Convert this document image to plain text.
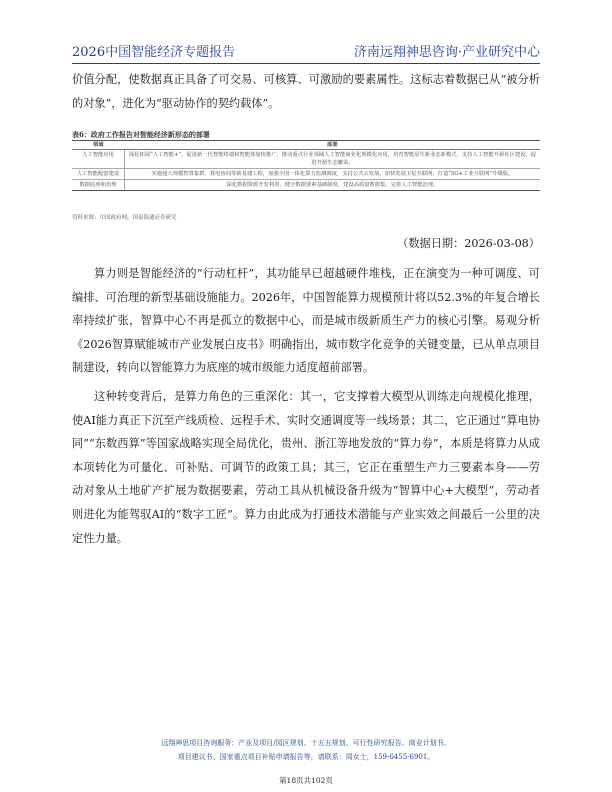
2026中国智能经济专题报告	济南远翔神思咨询·产业研究中心

价值分配，使数据真正具备了可交易、可核算、可激励的要素属性。这标志着数据已从“被分析的对象”，进化为“驱动协作的契约载体”。

表6：政府工作报告对智能经济新形态的部署
领域	部署
人工智能应用	深化拓展“人工智能+”，促进新一代智能终端和智能体加快推广，推动重点行业领域人工智能商业化规模化应用，培育智能原生新业态新模式，支持人工智能开源社区建设，促进开源生态繁荣。
人工智能配套建设	实施超大规模智算集群、算电协同等新基建工程，加强全国一体化算力监测调度，支持公共云发展，加快发展卫星互联网，打造“5G+工业互联网”升级版。
数据底座和治理	深化数据资源开发利用，健全数据要素基础制度，建设高质量数据集，完善人工智能治理。
资料来源：中国政府网，国泰海通证券研究
（数据日期：2026-03-08）

算力则是智能经济的“行动杠杆”，其功能早已超越硬件堆栈，正在演变为一种可调度、可编排、可治理的新型基础设施能力。2026年，中国智能算力规模预计将以52.3%的年复合增长率持续扩张，智算中心不再是孤立的数据中心，而是城市级新质生产力的核心引擎。易观分析《2026智算赋能城市产业发展白皮书》明确指出，城市数字化竞争的关键变量，已从单点项目制建设，转向以智能算力为底座的城市级能力适度超前部署。

这种转变背后，是算力角色的三重深化：其一，它支撑着大模型从训练走向规模化推理，使AI能力真正下沉至产线质检、远程手术、实时交通调度等一线场景；其二，它正通过“算电协同”“东数西算”等国家战略实现全局优化，贵州、浙江等地发放的“算力券”，本质是将算力从成本项转化为可量化、可补贴、可调节的政策工具；其三，它正在重塑生产力三要素本身——劳动对象从土地矿产扩展为数据要素，劳动工具从机械设备升级为“智算中心+大模型”，劳动者则进化为能驾驭AI的“数字工匠”。算力由此成为打通技术潜能与产业实效之间最后一公里的决定性力量。

远翔神思项目咨询服务：产业及项目/园区规划、十五五规划、可行性研究报告、商业计划书、
项目建议书、国家重点项目补贴申请报告等，请联系：周女士，159-6455-6901。
第18页共102页
